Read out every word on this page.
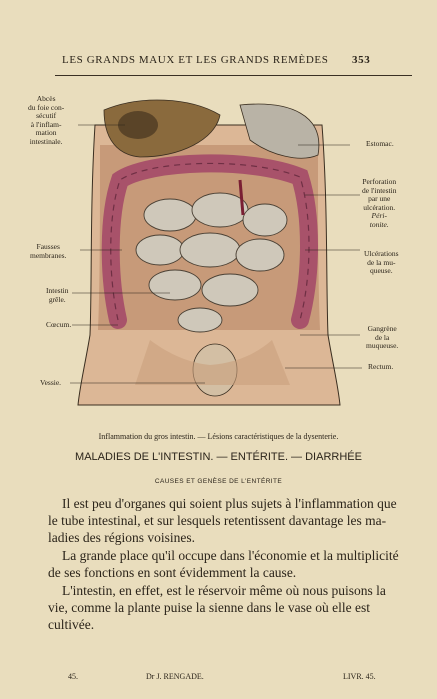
LES GRANDS MAUX ET LES GRANDS REMÈDES 353
Abcès
du foie con-
sécutif
à l'inflam-
mation
intestinale.	Estomac.
Perforation
de l'intestin
par une
ulcération.
Péri-
tonite.
Fausses
membranes.	Ulcérations
de la mu-
queuse.
Intestin
grêle.
Cœcum.	Gangrène
de la
muqueuse.
Rectum.
Vessie.
Inflammation du gros intestin. — Lésions caractéristiques de la dysenterie.
MALADIES DE L'INTESTIN. — ENTÉRITE. — DIARRHÉE
CAUSES ET GENÈSE DE L'ENTÉRITE
Il est peu d'organes qui soient plus sujets à l'inflammation que
le tube intestinal, et sur lesquels retentissent davantage les ma-
ladies des régions voisines.
La grande place qu'il occupe dans l'économie et la multiplicité
de ses fonctions en sont évidemment la cause.
L'intestin, en effet, est le réservoir même où nous puisons la
vie, comme la plante puise la sienne dans le vase où elle est
cultivée.
45.	Dr J. RENGADE.	LIVR. 45.
